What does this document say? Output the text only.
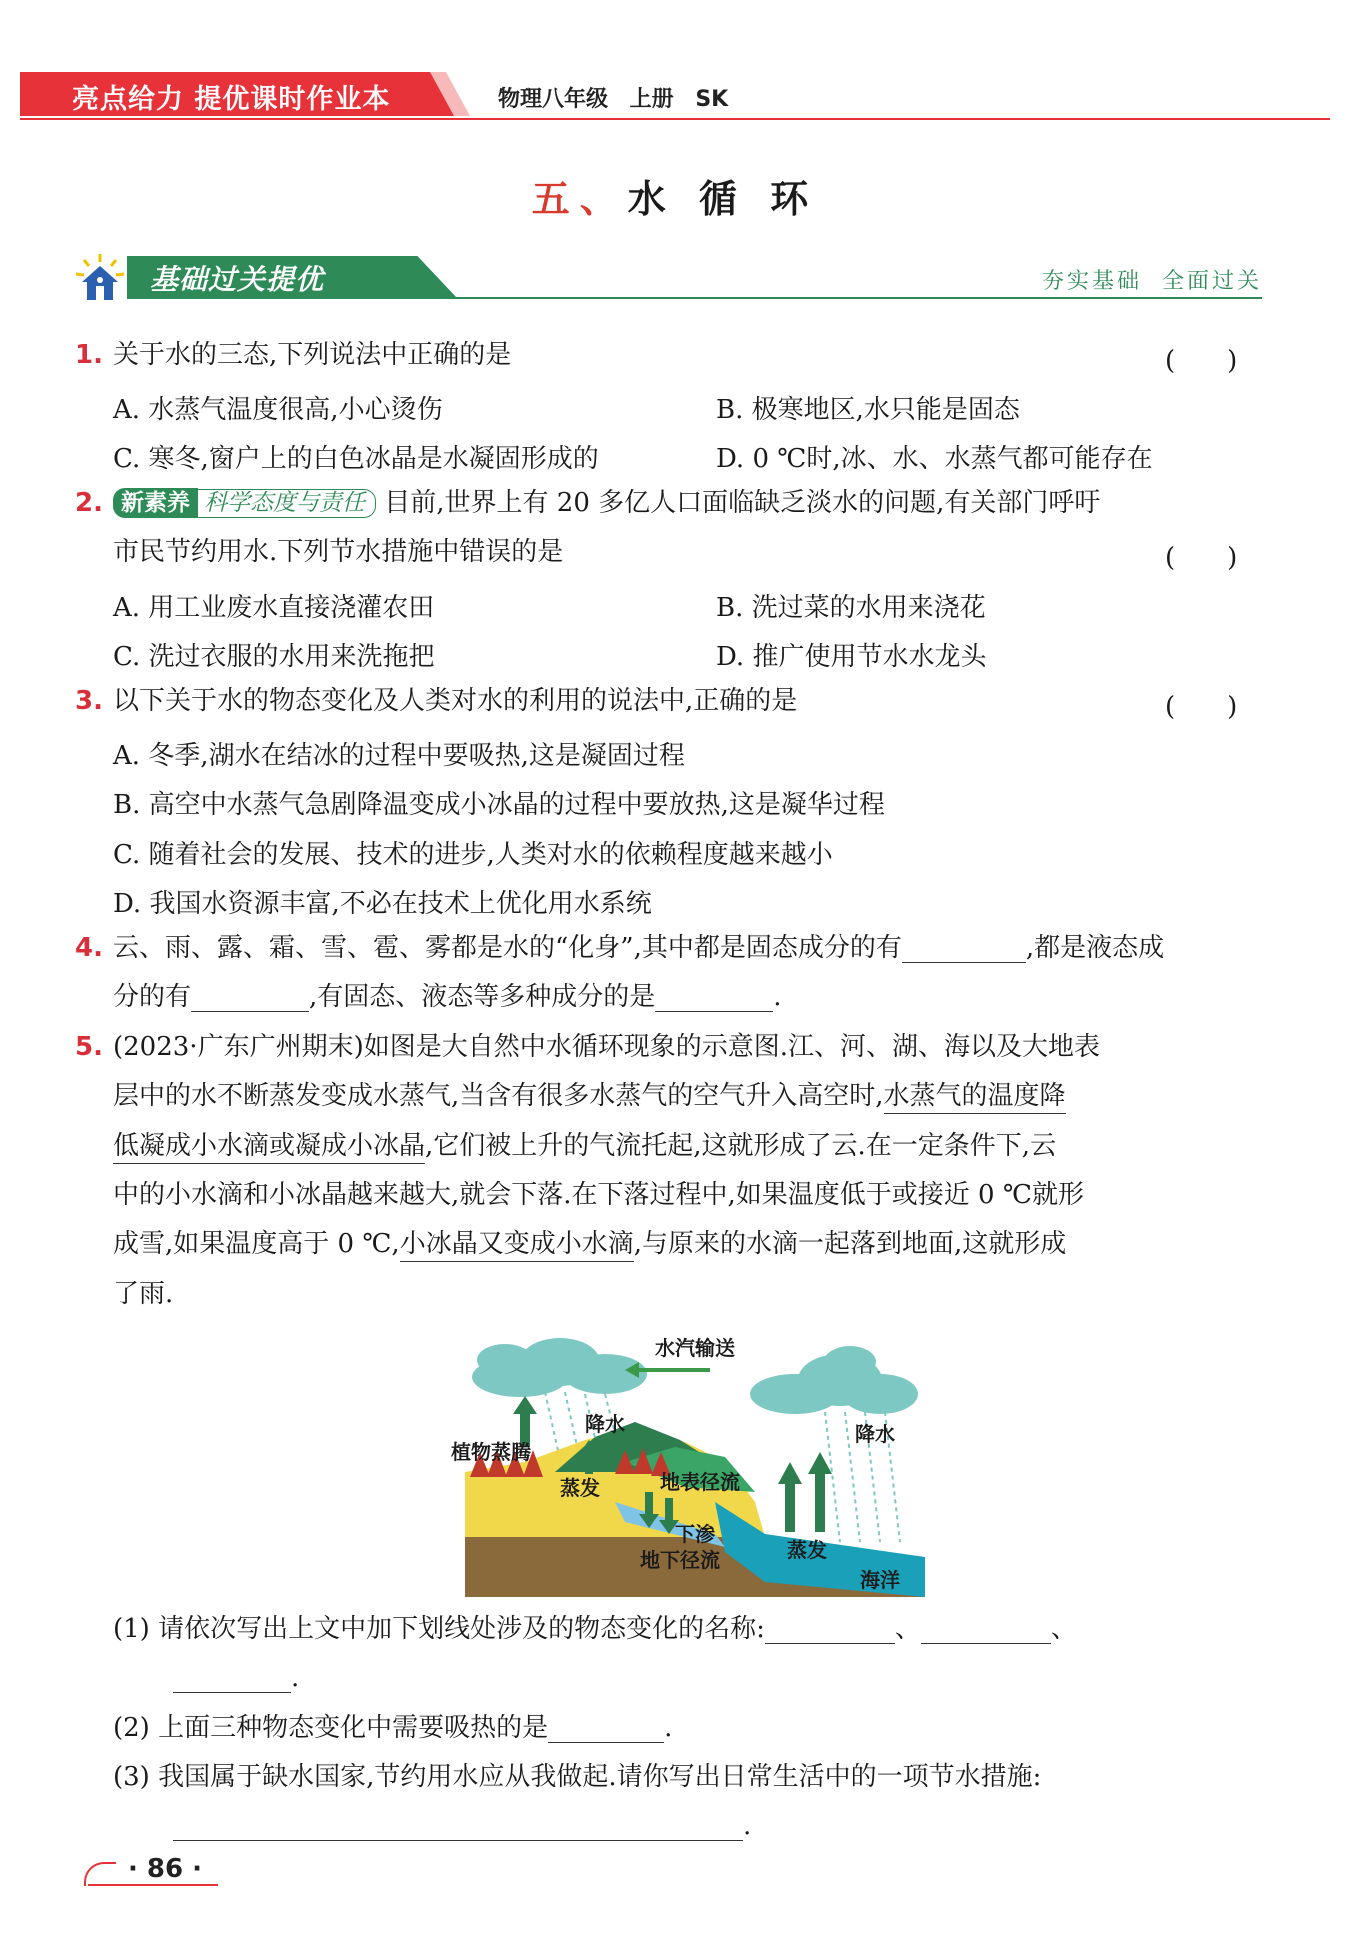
亮点给力 提优课时作业本	物理八年级 上册 SK
五、水 循 环
基础过关提优	夯实基础 全面过关
1. 关于水的三态,下列说法中正确的是	(　　)
A. 水蒸气温度很高,小心烫伤	B. 极寒地区,水只能是固态
C. 寒冬,窗户上的白色冰晶是水凝固形成的	D. 0 ℃时,冰、水、水蒸气都可能存在
2. 新素养 科学态度与责任 目前,世界上有 20 多亿人口面临缺乏淡水的问题,有关部门呼吁
市民节约用水.下列节水措施中错误的是	(　　)
A. 用工业废水直接浇灌农田	B. 洗过菜的水用来浇花
C. 洗过衣服的水用来洗拖把	D. 推广使用节水水龙头
3. 以下关于水的物态变化及人类对水的利用的说法中,正确的是	(　　)
A. 冬季,湖水在结冰的过程中要吸热,这是凝固过程
B. 高空中水蒸气急剧降温变成小冰晶的过程中要放热,这是凝华过程
C. 随着社会的发展、技术的进步,人类对水的依赖程度越来越小
D. 我国水资源丰富,不必在技术上优化用水系统
4. 云、雨、露、霜、雪、雹、雾都是水的“化身”,其中都是固态成分的有	,都是液态成
分的有	,有固态、液态等多种成分的是	.
5. (2023·广东广州期末)如图是大自然中水循环现象的示意图.江、河、湖、海以及大地表
层中的水不断蒸发变成水蒸气,当含有很多水蒸气的空气升入高空时,水蒸气的温度降
低凝成小水滴或凝成小冰晶,它们被上升的气流托起,这就形成了云.在一定条件下,云
中的小水滴和小冰晶越来越大,就会下落.在下落过程中,如果温度低于或接近 0 ℃就形
成雪,如果温度高于 0 ℃,小冰晶又变成小水滴,与原来的水滴一起落到地面,这就形成
了雨.
水汽输送
降水	降水
植物蒸腾
蒸发	地表径流
下渗
地下径流	蒸发
海洋
(1) 请依次写出上文中加下划线处涉及的物态变化的名称:	、	、
.
(2) 上面三种物态变化中需要吸热的是	.
(3) 我国属于缺水国家,节约用水应从我做起.请你写出日常生活中的一项节水措施:
.
· 86 ·
